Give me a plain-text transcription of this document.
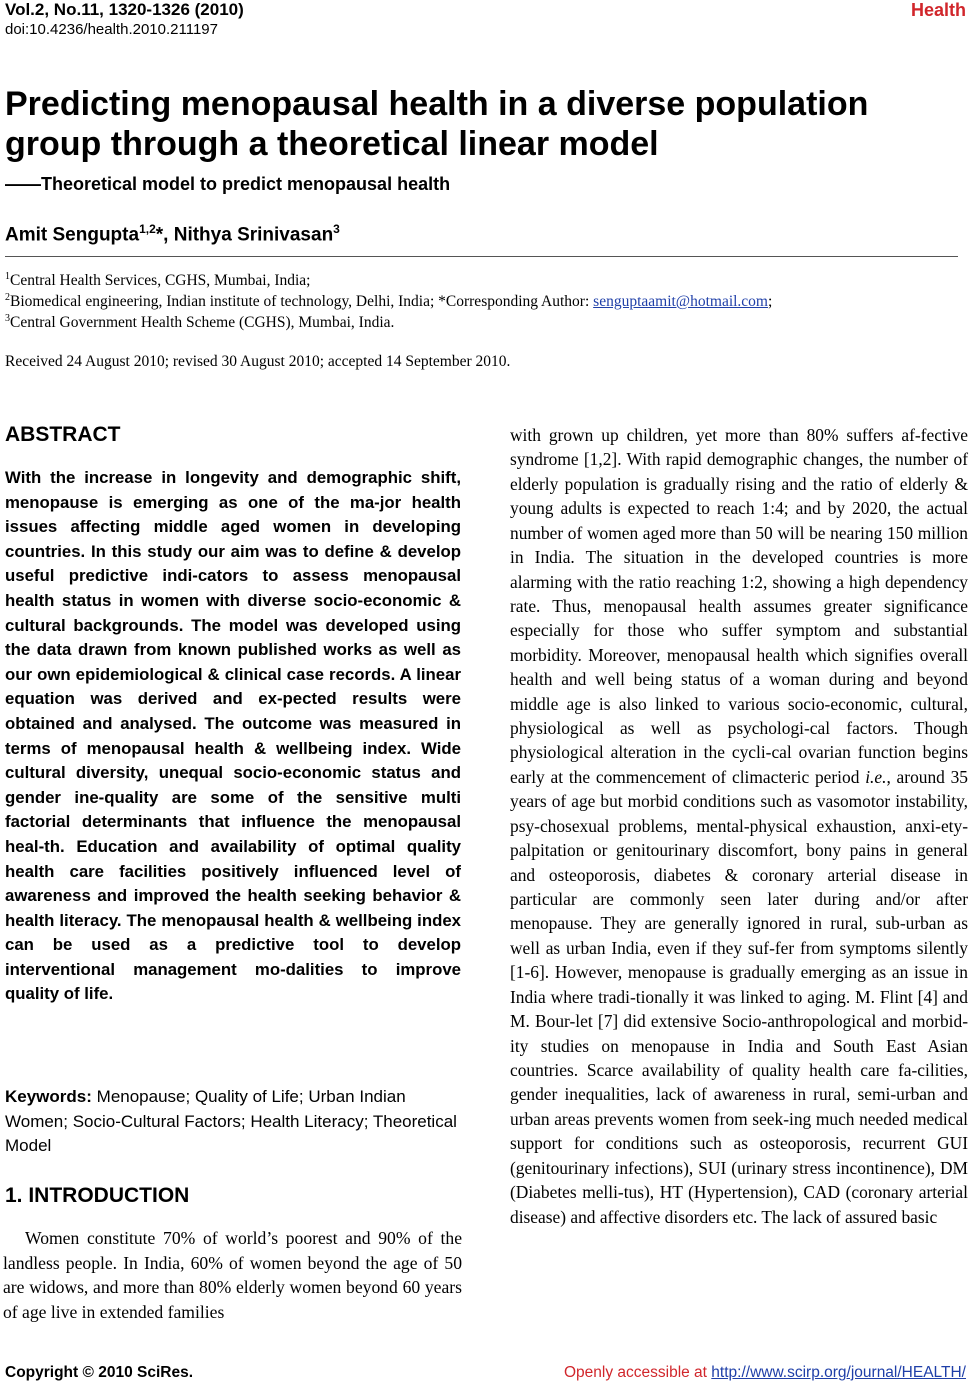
Vol.2, No.11, 1320-1326 (2010)
doi:10.4236/health.2010.211197
Health
Predicting menopausal health in a diverse population group through a theoretical linear model
——Theoretical model to predict menopausal health
Amit Sengupta$^{1,2}$*, Nithya Srinivasan$^3$
$^1$Central Health Services, CGHS, Mumbai, India;
$^2$Biomedical engineering, Indian institute of technology, Delhi, India; *Corresponding Author: senguptaamit@hotmail.com;
$^3$Central Government Health Scheme (CGHS), Mumbai, India.
Received 24 August 2010; revised 30 August 2010; accepted 14 September 2010.
ABSTRACT
With the increase in longevity and demographic shift, menopause is emerging as one of the ma-jor health issues affecting middle aged women in developing countries. In this study our aim was to define & develop useful predictive indi-cators to assess menopausal health status in women with diverse socio-economic & cultural backgrounds. The model was developed using the data drawn from known published works as well as our own epidemiological & clinical case records. A linear equation was derived and ex-pected results were obtained and analysed. The outcome was measured in terms of menopausal health & wellbeing index. Wide cultural diversity, unequal socio-economic status and gender ine-quality are some of the sensitive multi factorial determinants that influence the menopausal heal-th. Education and availability of optimal quality health care facilities positively influenced level of awareness and improved the health seeking behavior & health literacy. The menopausal health & wellbeing index can be used as a predictive tool to develop interventional management mo-dalities to improve quality of life.
Keywords: Menopause; Quality of Life; Urban Indian Women; Socio-Cultural Factors; Health Literacy; Theoretical Model
1. INTRODUCTION
Women constitute 70% of world’s poorest and 90% of the landless people. In India, 60% of women beyond the age of 50 are widows, and more than 80% elderly women beyond 60 years of age live in extended families
with grown up children, yet more than 80% suffers af-fective syndrome [1,2]. With rapid demographic changes, the number of elderly population is gradually rising and the ratio of elderly & young adults is expected to reach 1:4; and by 2020, the actual number of women aged more than 50 will be nearing 150 million in India. The situation in the developed countries is more alarming with the ratio reaching 1:2, showing a high dependency rate. Thus, menopausal health assumes greater significance especially for those who suffer symptom and substantial morbidity. Moreover, menopausal health which signifies overall health and well being status of a woman during and beyond middle age is also linked to various socio-economic, cultural, physiological as well as psychologi-cal factors. Though physiological alteration in the cycli-cal ovarian function begins early at the commencement of climacteric period i.e., around 35 years of age but morbid conditions such as vasomotor instability, psy-chosexual problems, mental-physical exhaustion, anxi-ety-palpitation or genitourinary discomfort, bony pains in general and osteoporosis, diabetes & coronary arterial disease in particular are commonly seen later during and/or after menopause. They are generally ignored in rural, sub-urban as well as urban India, even if they suf-fer from symptoms silently [1-6]. However, menopause is gradually emerging as an issue in India where tradi-tionally it was linked to aging. M. Flint [4] and M. Bour-let [7] did extensive Socio-anthropological and morbid-ity studies on menopause in India and South East Asian countries. Scarce availability of quality health care fa-cilities, gender inequalities, lack of awareness in rural, semi-urban and urban areas prevents women from seek-ing much needed medical support for conditions such as osteoporosis, recurrent GUI (genitourinary infections), SUI (urinary stress incontinence), DM (Diabetes melli-tus), HT (Hypertension), CAD (coronary arterial disease) and affective disorders etc. The lack of assured basic
Copyright © 2010 SciRes.	Openly accessible at http://www.scirp.org/journal/HEALTH/
